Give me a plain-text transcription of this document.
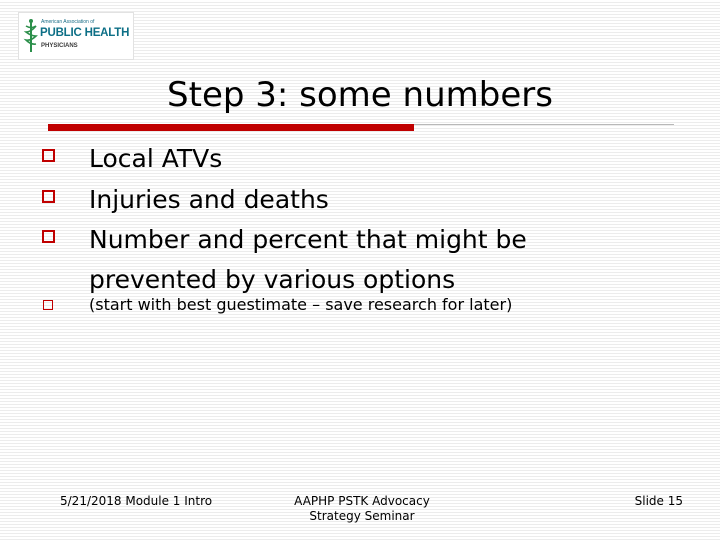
American Association of
PUBLIC HEALTH
PHYSICIANS
Step 3: some numbers
Local ATVs
Injuries and deaths
Number and percent that might be
prevented by various options
(start with best guestimate – save research for later)
5/21/2018 Module 1 Intro	AAPHP PSTK Advocacy
Strategy Seminar
Slide 15
